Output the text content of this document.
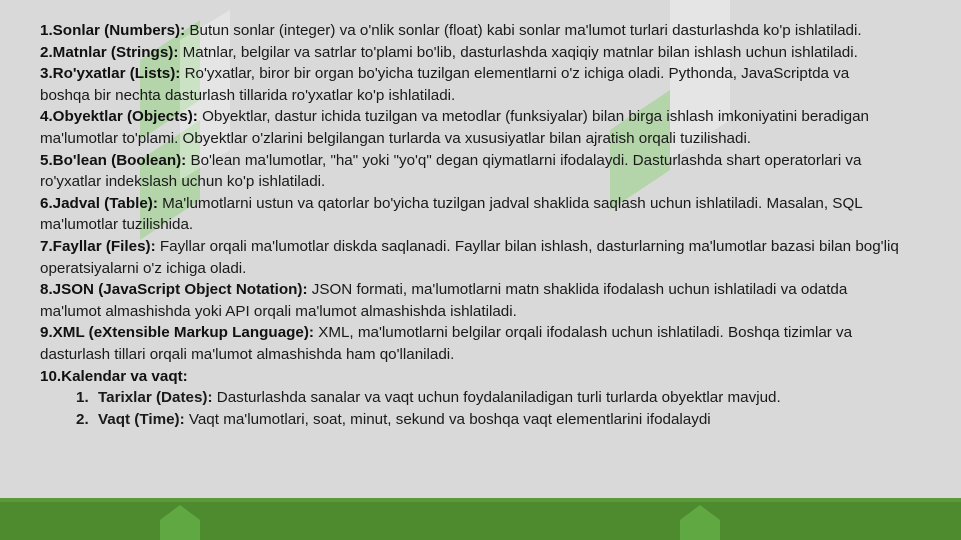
1.Sonlar (Numbers): Butun sonlar (integer) va o'nlik sonlar (float) kabi sonlar ma'lumot turlari dasturlashda ko'p ishlatiladi.

2.Matnlar (Strings): Matnlar, belgilar va satrlar to'plami bo'lib, dasturlashda xaqiqiy matnlar bilan ishlash uchun ishlatiladi.

3.Ro'yxatlar (Lists): Ro'yxatlar, biror bir organ bo'yicha tuzilgan elementlarni o'z ichiga oladi. Pythonda, JavaScriptda va boshqa bir nechta dasturlash tillarida ro'yxatlar ko'p ishlatiladi.

4.Obyektlar (Objects): Obyektlar, dastur ichida tuzilgan va metodlar (funksiyalar) bilan birga ishlash imkoniyatini beradigan ma'lumotlar to'plami. Obyektlar o'zlarini belgilangan turlarda va xususiyatlar bilan ajratish orqali tuzilishadi.

5.Bo'lean (Boolean): Bo'lean ma'lumotlar, "ha" yoki "yo'q" degan qiymatlarni ifodalaydi. Dasturlashda shart operatorlari va ro'yxatlar indekslash uchun ko'p ishlatiladi.

6.Jadval (Table): Ma'lumotlarni ustun va qatorlar bo'yicha tuzilgan jadval shaklida saqlash uchun ishlatiladi. Masalan, SQL ma'lumotlar tuzilishida.

7.Fayllar (Files): Fayllar orqali ma'lumotlar diskda saqlanadi. Fayllar bilan ishlash, dasturlarning ma'lumotlar bazasi bilan bog'liq operatsiyalarni o'z ichiga oladi.

8.JSON (JavaScript Object Notation): JSON formati, ma'lumotlarni matn shaklida ifodalash uchun ishlatiladi va odatda ma'lumot almashishda yoki API orqali ma'lumot almashishda ishlatiladi.

9.XML (eXtensible Markup Language): XML, ma'lumotlarni belgilar orqali ifodalash uchun ishlatiladi. Boshqa tizimlar va dasturlash tillari orqali ma'lumot almashishda ham qo'llaniladi.

10.Kalendar va vaqt:

1. Tarixlar (Dates): Dasturlashda sanalar va vaqt uchun foydalaniladigan turli turlarda obyektlar mavjud.
2. Vaqt (Time): Vaqt ma'lumotlari, soat, minut, sekund va boshqa vaqt elementlarini ifodalaydi
